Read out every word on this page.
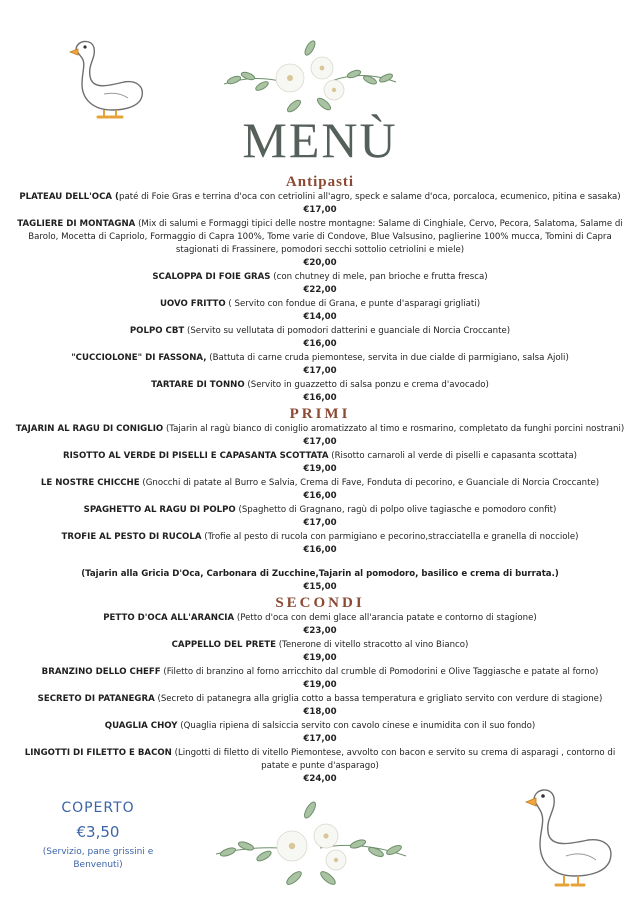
MENÙ
Antipasti
PLATEAU DELL'OCA (paté di Foie Gras e terrina d'oca con cetriolini all'agro, speck e salame d'oca, porcaloca, ecumenico, pitina e sasaka)
€17,00
TAGLIERE DI MONTAGNA (Mix di salumi e Formaggi tipici delle nostre montagne: Salame di Cinghiale, Cervo, Pecora, Salatoma, Salame di Barolo, Mocetta di Capriolo, Formaggio di Capra 100%, Tome varie di Condove, Blue Valsusino, paglierine 100% mucca, Tomini di Capra stagionati di Frassinere, pomodori secchi sottolio cetriolini e miele)
€20,00
SCALOPPA DI FOIE GRAS (con chutney di mele, pan brioche e frutta fresca)
€22,00
UOVO FRITTO ( Servito con fondue di Grana, e punte d'asparagi grigliati)
€14,00
POLPO CBT (Servito su vellutata di pomodori datterini e guanciale di Norcia Croccante)
€16,00
"CUCCIOLONE" DI FASSONA, (Battuta di carne cruda piemontese, servita in due cialde di parmigiano, salsa Ajoli)
€17,00
TARTARE DI TONNO (Servito in guazzetto di salsa ponzu e crema d'avocado)
€16,00
PRIMI
TAJARIN AL RAGU DI CONIGLIO (Tajarin al ragù bianco di coniglio aromatizzato al timo e rosmarino, completato da funghi porcini nostrani)
€17,00
RISOTTO AL VERDE DI PISELLI E CAPASANTA SCOTTATA (Risotto carnaroli al verde di piselli e capasanta scottata)
€19,00
LE NOSTRE CHICCHE (Gnocchi di patate al Burro e Salvia, Crema di Fave, Fonduta di pecorino, e Guanciale di Norcia Croccante)
€16,00
SPAGHETTO AL RAGU DI POLPO (Spaghetto di Gragnano, ragù di polpo olive tagiasche e pomodoro confit)
€17,00
TROFIE AL PESTO DI RUCOLA (Trofie al pesto di rucola con parmigiano e pecorino,stracciatella e granella di nocciole)
€16,00
(Tajarin alla Gricia D'Oca, Carbonara di Zucchine,Tajarin al pomodoro, basilico e crema di burrata.)
€15,00
SECONDI
PETTO D'OCA ALL'ARANCIA (Petto d'oca con demi glace all'arancia patate e contorno di stagione)
€23,00
CAPPELLO DEL PRETE (Tenerone di vitello stracotto al vino Bianco)
€19,00
BRANZINO DELLO CHEFF (Filetto di branzino al forno arricchito dal crumble di Pomodorini e Olive Taggiasche e patate al forno)
€19,00
SECRETO DI PATANEGRA (Secreto di patanegra alla griglia cotto a bassa temperatura e grigliato servito con verdure di stagione)
€18,00
QUAGLIA CHOY (Quaglia ripiena di salsiccia servito con cavolo cinese e inumidita con il suo fondo)
€17,00
LINGOTTI DI FILETTO E BACON (Lingotti di filetto di vitello Piemontese, avvolto con bacon e servito su crema di asparagi , contorno di patate e punte d'asparago)
€24,00
COPERTO
€3,50
(Servizio, pane grissini e Benvenuti)
